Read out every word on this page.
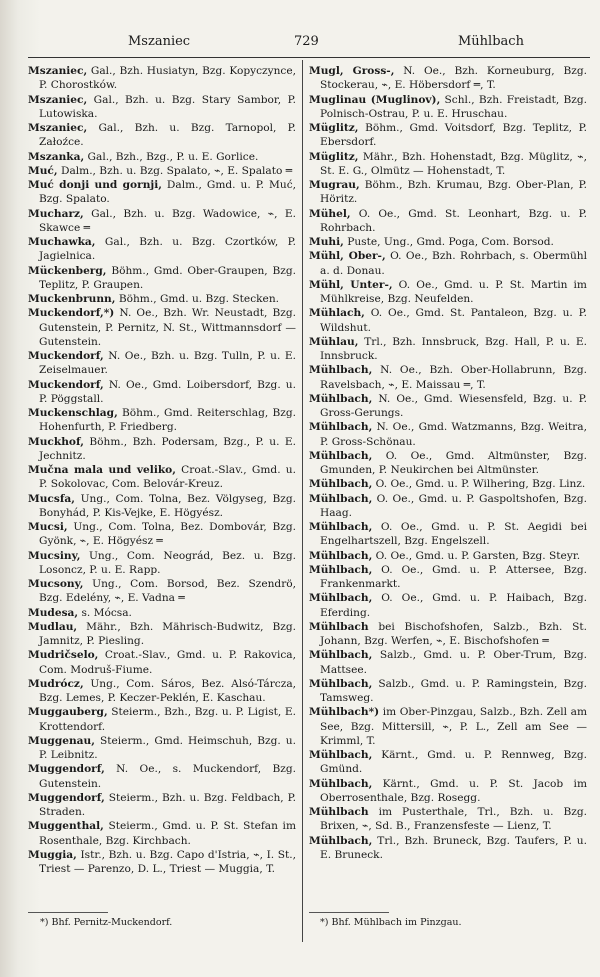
Mszaniec	729	Mühlbach

Mszaniec, Gal., Bzh. Husiatyn, Bzg. Kopyczynce, P. Chorostków.

Mszaniec, Gal., Bzh. u. Bzg. Stary Sambor, P. Lutowiska.

Mszaniec, Gal., Bzh. u. Bzg. Tarnopol, P. Załoźce.

Mszanka, Gal., Bzh., Bzg., P. u. E. Gorlice.

Muć, Dalm., Bzh. u. Bzg. Spalato, ⌁, E. Spalato ═

Muć donji und gornji, Dalm., Gmd. u. P. Muć, Bzg. Spalato.

Mucharz, Gal., Bzh. u. Bzg. Wadowice, ⌁, E. Skawce ═

Muchawka, Gal., Bzh. u. Bzg. Czortków, P. Jagielnica.

Mückenberg, Böhm., Gmd. Ober-Graupen, Bzg. Teplitz, P. Graupen.

Muckenbrunn, Böhm., Gmd. u. Bzg. Stecken.

Muckendorf,*) N. Oe., Bzh. Wr. Neustadt, Bzg. Gutenstein, P. Pernitz, N. St., Wittmannsdorf — Gutenstein.

Muckendorf, N. Oe., Bzh. u. Bzg. Tulln, P. u. E. Zeiselmauer.

Muckendorf, N. Oe., Gmd. Loibersdorf, Bzg. u. P. Pöggstall.

Muckenschlag, Böhm., Gmd. Reiterschlag, Bzg. Hohenfurth, P. Friedberg.

Muckhof, Böhm., Bzh. Podersam, Bzg., P. u. E. Jechnitz.

Mučna mala und veliko, Croat.-Slav., Gmd. u. P. Sokolovac, Com. Belovár-Kreuz.

Mucsfa, Ung., Com. Tolna, Bez. Völgyseg, Bzg. Bonyhád, P. Kis-Vejke, E. Högyész.

Mucsi, Ung., Com. Tolna, Bez. Dombovár, Bzg. Gyönk, ⌁, E. Högyész ═

Mucsiny, Ung., Com. Neográd, Bez. u. Bzg. Losoncz, P. u. E. Rapp.

Mucsony, Ung., Com. Borsod, Bez. Szendrö, Bzg. Edelény, ⌁, E. Vadna ═

Mudesa, s. Mócsa.

Mudlau, Mähr., Bzh. Mährisch-Budwitz, Bzg. Jamnitz, P. Piesling.

Mudričselo, Croat.-Slav., Gmd. u. P. Rakovica, Com. Modruš-Fiume.

Mudrócz, Ung., Com. Sáros, Bez. Alsó-Tárcza, Bzg. Lemes, P. Keczer-Peklén, E. Kaschau.

Muggauberg, Steierm., Bzh., Bzg. u. P. Ligist, E. Krottendorf.

Muggenau, Steierm., Gmd. Heimschuh, Bzg. u. P. Leibnitz.

Muggendorf, N. Oe., s. Muckendorf, Bzg. Gutenstein.

Muggendorf, Steierm., Bzh. u. Bzg. Feldbach, P. Straden.

Muggenthal, Steierm., Gmd. u. P. St. Stefan im Rosenthale, Bzg. Kirchbach.

Muggia, Istr., Bzh. u. Bzg. Capo d'Istria, ⌁, I. St., Triest — Parenzo, D. L., Triest — Muggia, T.

Mugl, Gross-, N. Oe., Bzh. Korneuburg, Bzg. Stockerau, ⌁, E. Höbersdorf ═, T.

Muglinau (Muglinov), Schl., Bzh. Freistadt, Bzg. Polnisch-Ostrau, P. u. E. Hruschau.

Müglitz, Böhm., Gmd. Voitsdorf, Bzg. Teplitz, P. Ebersdorf.

Müglitz, Mähr., Bzh. Hohenstadt, Bzg. Müglitz, ⌁, St. E. G., Olmütz — Hohenstadt, T.

Mugrau, Böhm., Bzh. Krumau, Bzg. Ober-Plan, P. Höritz.

Mühel, O. Oe., Gmd. St. Leonhart, Bzg. u. P. Rohrbach.

Muhi, Puste, Ung., Gmd. Poga, Com. Borsod.

Mühl, Ober-, O. Oe., Bzh. Rohrbach, s. Obermühl a. d. Donau.

Mühl, Unter-, O. Oe., Gmd. u. P. St. Martin im Mühlkreise, Bzg. Neufelden.

Mühlach, O. Oe., Gmd. St. Pantaleon, Bzg. u. P. Wildshut.

Mühlau, Trl., Bzh. Innsbruck, Bzg. Hall, P. u. E. Innsbruck.

Mühlbach, N. Oe., Bzh. Ober-Hollabrunn, Bzg. Ravelsbach, ⌁, E. Maissau ═, T.

Mühlbach, N. Oe., Gmd. Wiesensfeld, Bzg. u. P. Gross-Gerungs.

Mühlbach, N. Oe., Gmd. Watzmanns, Bzg. Weitra, P. Gross-Schönau.

Mühlbach, O. Oe., Gmd. Altmünster, Bzg. Gmunden, P. Neukirchen bei Altmünster.

Mühlbach, O. Oe., Gmd. u. P. Wilhering, Bzg. Linz.

Mühlbach, O. Oe., Gmd. u. P. Gaspoltshofen, Bzg. Haag.

Mühlbach, O. Oe., Gmd. u. P. St. Aegidi bei Engelhartszell, Bzg. Engelszell.

Mühlbach, O. Oe., Gmd. u. P. Garsten, Bzg. Steyr.

Mühlbach, O. Oe., Gmd. u. P. Attersee, Bzg. Frankenmarkt.

Mühlbach, O. Oe., Gmd. u. P. Haibach, Bzg. Eferding.

Mühlbach bei Bischofshofen, Salzb., Bzh. St. Johann, Bzg. Werfen, ⌁, E. Bischofshofen ═

Mühlbach, Salzb., Gmd. u. P. Ober-Trum, Bzg. Mattsee.

Mühlbach, Salzb., Gmd. u. P. Ramingstein, Bzg. Tamsweg.

Mühlbach*) im Ober-Pinzgau, Salzb., Bzh. Zell am See, Bzg. Mittersill, ⌁, P. L., Zell am See — Krimml, T.

Mühlbach, Kärnt., Gmd. u. P. Rennweg, Bzg. Gmünd.

Mühlbach, Kärnt., Gmd. u. P. St. Jacob im Oberrosenthale, Bzg. Rosegg.

Mühlbach im Pusterthale, Trl., Bzh. u. Bzg. Brixen, ⌁, Sd. B., Franzensfeste — Lienz, T.

Mühlbach, Trl., Bzh. Bruneck, Bzg. Taufers, P. u. E. Bruneck.

*) Bhf. Pernitz-Muckendorf.	*) Bhf. Mühlbach im Pinzgau.
